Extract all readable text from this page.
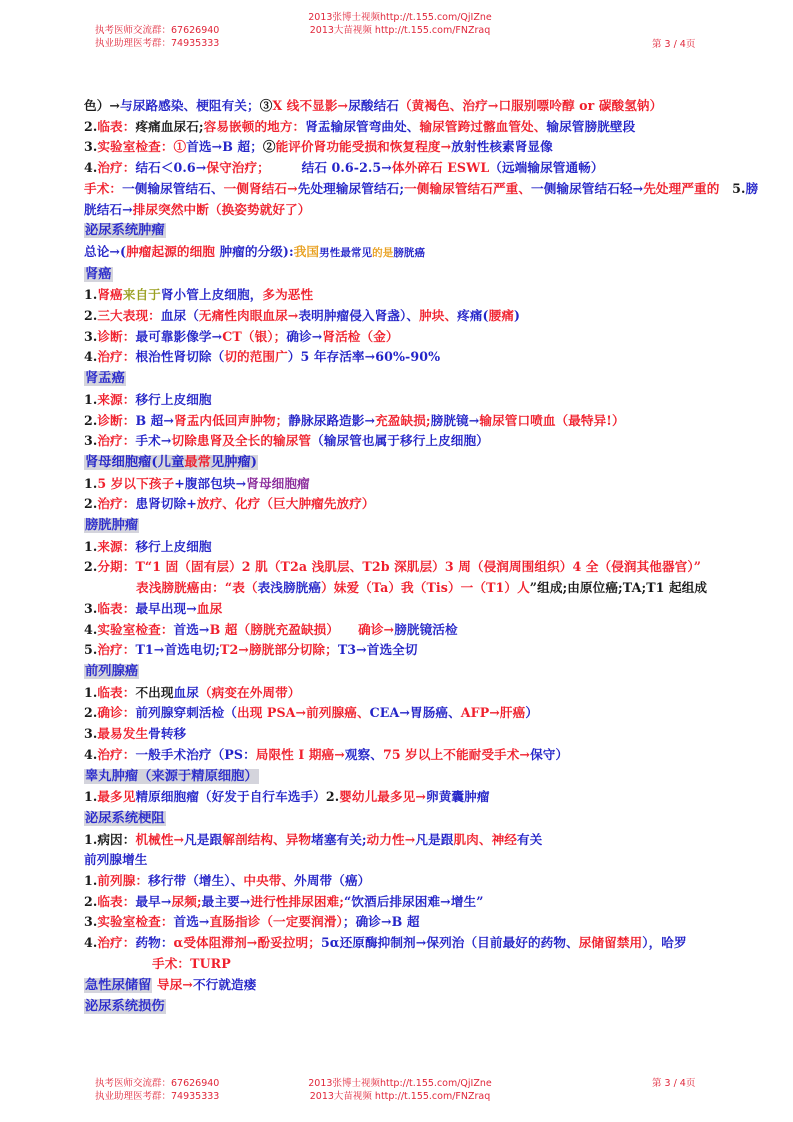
执考医师交流群：67626940
执业助理医考群：74935333
2013张博士视频http://t.155.com/QjIZne
2013大苗视频 http://t.155.com/FNZraq
第 3 / 4页
色）→与尿路感染、梗阻有关；③X 线不显影→尿酸结石（黄褐色、治疗→口服别嘌呤醇 or 碳酸氢钠）
2.临表：疼痛血尿石;容易嵌顿的地方：肾盂输尿管弯曲处、输尿管跨过髂血管处、输尿管膀胱壁段
3.实验室检查：①首选→B 超；②能评价肾功能受损和恢复程度→放射性核素肾显像
4.治疗：结石＜0.6→保守治疗；　　　结石 0.6-2.5→体外碎石 ESWL（远端输尿管通畅）
手术：一侧输尿管结石、一侧肾结石→先处理输尿管结石;一侧输尿管结石严重、一侧输尿管结石轻→先处理严重的　5.膀胱结石→排尿突然中断（换姿势就好了）
泌尿系统肿瘤
总论→(肿瘤起源的细胞 肿瘤的分级):我国男性最常见的是膀胱癌
肾癌
1.肾癌来自于肾小管上皮细胞，多为恶性
2.三大表现：血尿（无痛性肉眼血尿→表明肿瘤侵入肾盏）、肿块、疼痛(腰痛)
3.诊断：最可靠影像学→CT（银）；确诊→肾活检（金）
4.治疗：根治性肾切除（切的范围广）5 年存活率→60%-90%
肾盂癌
1.来源：移行上皮细胞
2.诊断：B 超→肾盂内低回声肿物；静脉尿路造影→充盈缺损;膀胱镜→输尿管口喷血（最特异!）
3.治疗：手术→切除患肾及全长的输尿管（输尿管也属于移行上皮细胞）
肾母细胞瘤(儿童最常见肿瘤)
1.5 岁以下孩子+腹部包块→肾母细胞瘤
2.治疗：患肾切除+放疗、化疗（巨大肿瘤先放疗）
膀胱肿瘤
1.来源：移行上皮细胞
2.分期：T“1 固（固有层）2 肌（T2a 浅肌层、T2b 深肌层）3 周（侵润周围组织）4 全（侵润其他器官）”
表浅膀胱癌由：“表（表浅膀胱癌）妹爱（Ta）我（Tis）一（T1）人”组成;由原位癌;TA;T1 起组成
3.临表：最早出现→血尿
4.实验室检查：首选→B 超（膀胱充盈缺损）　　确诊→膀胱镜活检
5.治疗：T1→首选电切;T2→膀胱部分切除；T3→首选全切
前列腺癌
1.临表：不出现血尿（病变在外周带）
2.确诊：前列腺穿刺活检（出现 PSA→前列腺癌、CEA→胃肠癌、AFP→肝癌）
3.最易发生骨转移
4.治疗：一般手术治疗（PS：局限性 I 期癌→观察、75 岁以上不能耐受手术→保守）
睾丸肿瘤（来源于精原细胞）
1.最多见精原细胞瘤（好发于自行车选手）2.婴幼儿最多见→卵黄囊肿瘤
泌尿系统梗阻
1.病因：机械性→凡是跟解剖结构、异物堵塞有关;动力性→凡是跟肌肉、神经有关
前列腺增生
1.前列腺：移行带（增生）、中央带、外周带（癌）
2.临表：最早→尿频;最主要→进行性排尿困难;“饮酒后排尿困难→增生”
3.实验室检查：首选→直肠指诊（一定要润滑）；确诊→B 超
4.治疗：药物：α受体阻滞剂→酚妥拉明；5α还原酶抑制剂→保列治（目前最好的药物、尿储留禁用），哈罗
手术：TURP
急性尿储留 导尿→不行就造瘘
泌尿系统损伤
执考医师交流群：67626940
执业助理医考群：74935333
2013张博士视频http://t.155.com/QjIZne
2013大苗视频 http://t.155.com/FNZraq
第 3 / 4页
